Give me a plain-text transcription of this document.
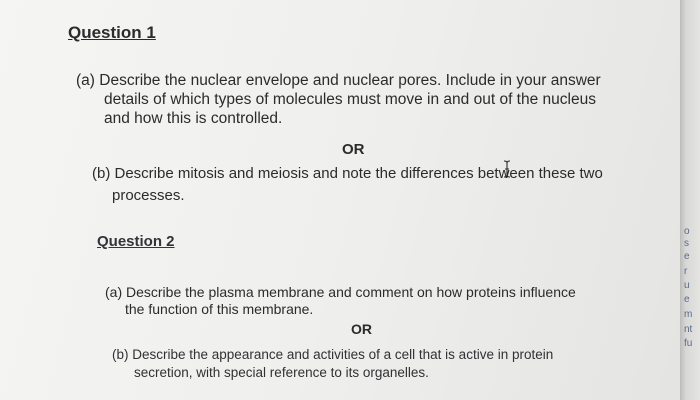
Question 1
(a) Describe the nuclear envelope and nuclear pores. Include in your answer
details of which types of molecules must move in and out of the nucleus
and how this is controlled.
OR
(b) Describe mitosis and meiosis and note the differences between these two
processes.
Question 2
(a) Describe the plasma membrane and comment on how proteins influence
the function of this membrane.
OR
(b) Describe the appearance and activities of a cell that is active in protein
secretion, with special reference to its organelles.
o
s
e
r
u
e
m
nt
fu
